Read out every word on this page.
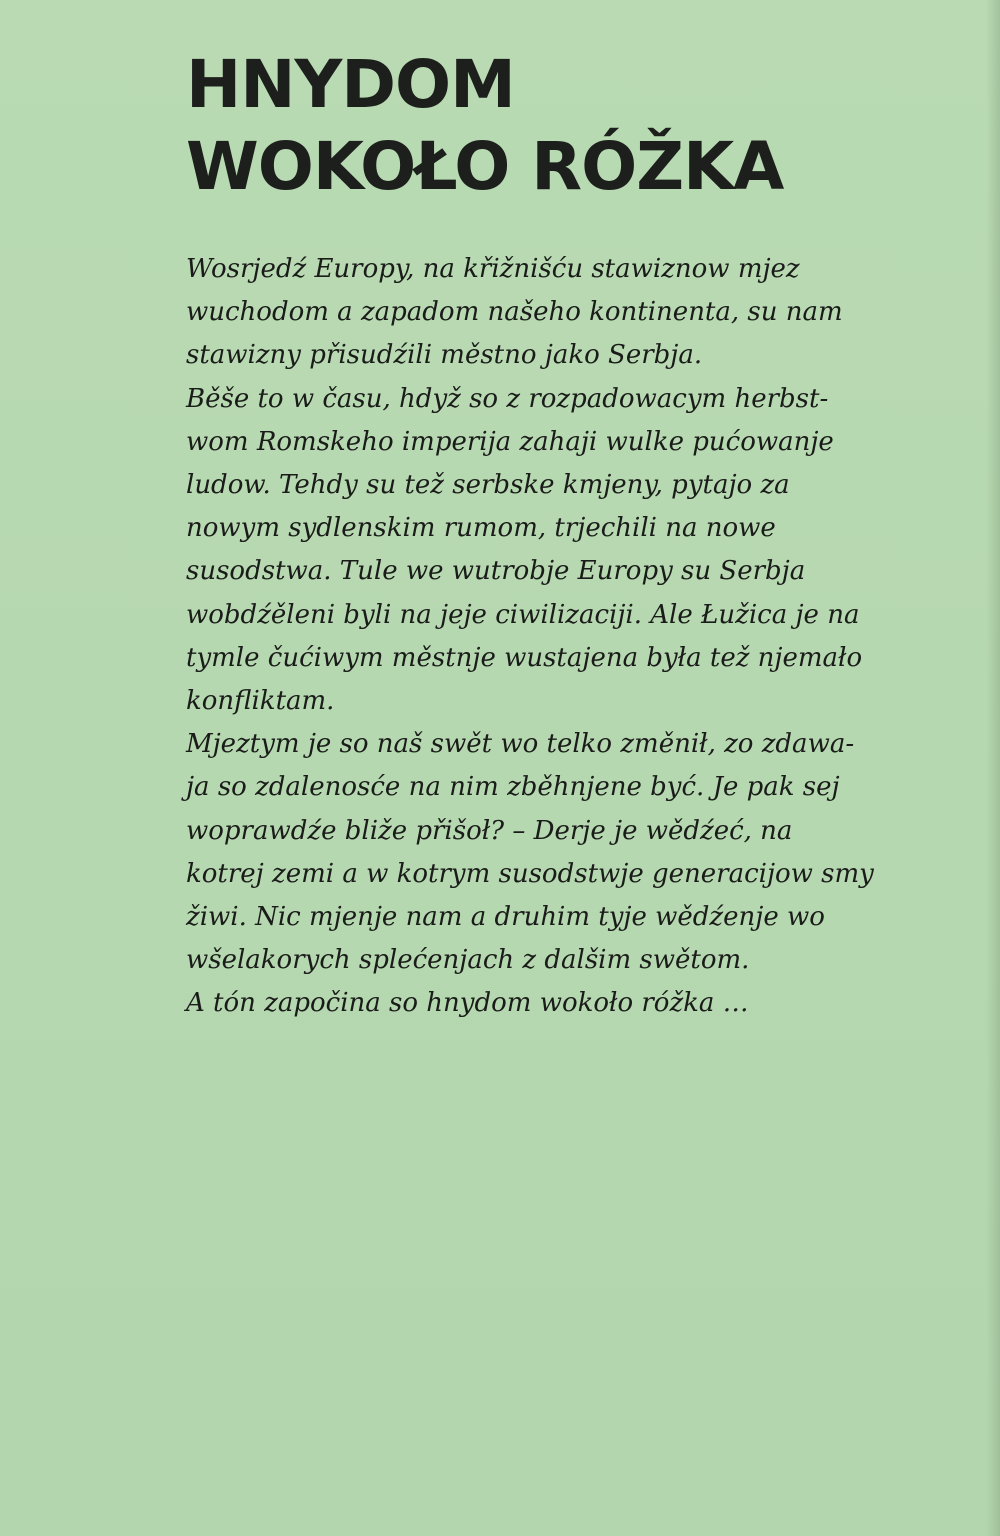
HNYDOM
WOKOŁO RÓŽKA
Wosrjedź Europy, na křižnišću stawiznow mjez
wuchodom a zapadom našeho kontinenta, su nam
stawizny přisudźili městno jako Serbja.
Běše to w času, hdyž so z rozpadowacym herbst-
wom Romskeho imperija zahaji wulke pućowanje
ludow. Tehdy su tež serbske kmjeny, pytajo za
nowym sydlenskim rumom, trjechili na nowe
susodstwa. Tule we wutrobje Europy su Serbja
wobdźěleni byli na jeje ciwilizaciji. Ale Łužica je na
tymle čućiwym městnje wustajena była tež njemało
konfliktam.
Mjeztym je so naš swět wo telko změnił, zo zdawa-
ja so zdalenosće na nim zběhnjene być. Je pak sej
woprawdźe bliže přišoł? – Derje je wědźeć, na
kotrej zemi a w kotrym susodstwje generacijow smy
žiwi. Nic mjenje nam a druhim tyje wědźenje wo
wšelakorych splećenjach z dalšim swětom.
A tón započina so hnydom wokoło róžka …
